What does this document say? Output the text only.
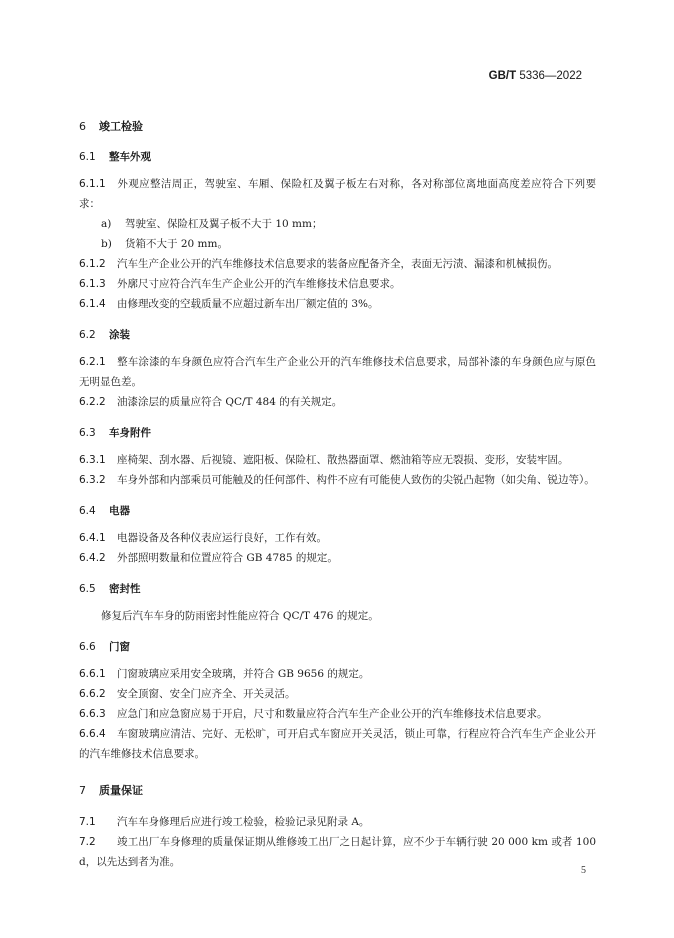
GB/T 5336—2022

6 竣工检验

6.1 整车外观

6.1.1 外观应整洁周正，驾驶室、车厢、保险杠及翼子板左右对称，各对称部位离地面高度差应符合下列要求：

a) 驾驶室、保险杠及翼子板不大于 10 mm；

b) 货箱不大于 20 mm。

6.1.2 汽车生产企业公开的汽车维修技术信息要求的装备应配备齐全，表面无污渍、漏漆和机械损伤。

6.1.3 外廓尺寸应符合汽车生产企业公开的汽车维修技术信息要求。

6.1.4 由修理改变的空载质量不应超过新车出厂额定值的 3%。

6.2 涂装

6.2.1 整车涂漆的车身颜色应符合汽车生产企业公开的汽车维修技术信息要求，局部补漆的车身颜色应与原色无明显色差。

6.2.2 油漆涂层的质量应符合 QC/T 484 的有关规定。

6.3 车身附件

6.3.1 座椅架、刮水器、后视镜、遮阳板、保险杠、散热器面罩、燃油箱等应无裂损、变形，安装牢固。

6.3.2 车身外部和内部乘员可能触及的任何部件、构件不应有可能使人致伤的尖锐凸起物（如尖角、锐边等）。

6.4 电器

6.4.1 电器设备及各种仪表应运行良好，工作有效。

6.4.2 外部照明数量和位置应符合 GB 4785 的规定。

6.5 密封性

修复后汽车车身的防雨密封性能应符合 QC/T 476 的规定。

6.6 门窗

6.6.1 门窗玻璃应采用安全玻璃，并符合 GB 9656 的规定。

6.6.2 安全顶窗、安全门应齐全、开关灵活。

6.6.3 应急门和应急窗应易于开启，尺寸和数量应符合汽车生产企业公开的汽车维修技术信息要求。

6.6.4 车窗玻璃应清洁、完好、无松旷，可开启式车窗应开关灵活，锁止可靠，行程应符合汽车生产企业公开的汽车维修技术信息要求。

7 质量保证

7.1 汽车车身修理后应进行竣工检验，检验记录见附录 A。

7.2 竣工出厂车身修理的质量保证期从维修竣工出厂之日起计算，应不少于车辆行驶 20 000 km 或者 100 d，以先达到者为准。

5
